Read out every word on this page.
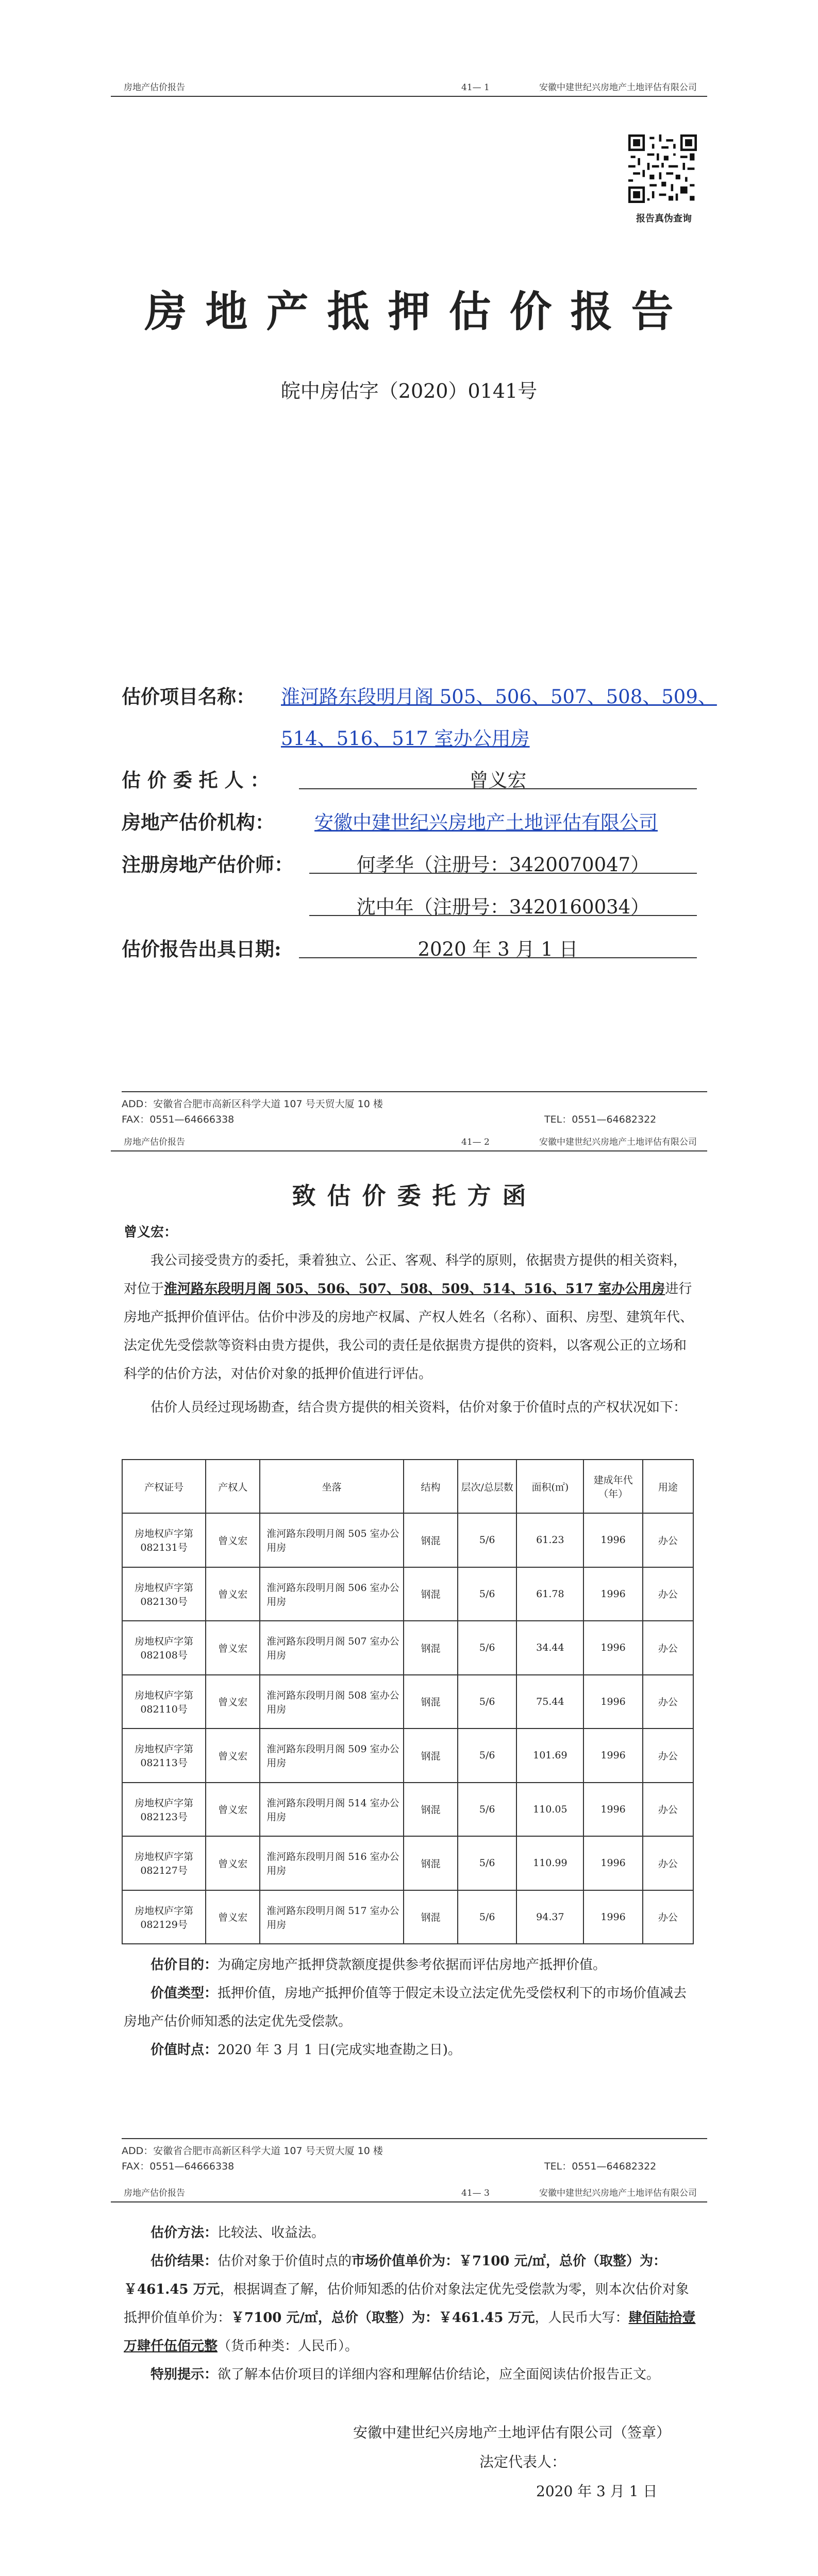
房地产估价报告	41— 1	安徽中建世纪兴房地产土地评估有限公司
报告真伪查询
房地产抵押估价报告
皖中房估字（2020）0141号
估价项目名称： 淮河路东段明月阁 505、506、507、508、509、
514、516、517 室办公用房
估 价 委 托 人 ：	曾义宏
房地产估价机构： 安徽中建世纪兴房地产土地评估有限公司
注册房地产估价师：	何孝华（注册号：3420070047）
沈中年（注册号：3420160034）
估价报告出具日期:	2020 年 3 月 1 日
ADD：安徽省合肥市高新区科学大道 107 号天贸大厦 10 楼
FAX：0551—64666338	TEL：0551—64682322
房地产估价报告	41— 2	安徽中建世纪兴房地产土地评估有限公司
致估价委托方函
曾义宏：
我公司接受贵方的委托，秉着独立、公正、客观、科学的原则，依据贵方提供的相关资料，对位于淮河路东段明月阁 505、506、507、508、509、514、516、517 室办公用房进行房地产抵押价值评估。估价中涉及的房地产权属、产权人姓名（名称）、面积、房型、建筑年代、法定优先受偿款等资料由贵方提供，我公司的责任是依据贵方提供的资料，以客观公正的立场和科学的估价方法，对估价对象的抵押价值进行评估。
估价人员经过现场勘查，结合贵方提供的相关资料，估价对象于价值时点的产权状况如下：
产权证号	产权人	坐落	结构	层次/总层数	面积(㎡)	建成年代（年）	用途
房地权庐字第082131号	曾义宏	淮河路东段明月阁 505 室办公用房	钢混	5/6	61.23	1996	办公
房地权庐字第082130号	曾义宏	淮河路东段明月阁 506 室办公用房	钢混	5/6	61.78	1996	办公
房地权庐字第082108号	曾义宏	淮河路东段明月阁 507 室办公用房	钢混	5/6	34.44	1996	办公
房地权庐字第082110号	曾义宏	淮河路东段明月阁 508 室办公用房	钢混	5/6	75.44	1996	办公
房地权庐字第082113号	曾义宏	淮河路东段明月阁 509 室办公用房	钢混	5/6	101.69	1996	办公
房地权庐字第082123号	曾义宏	淮河路东段明月阁 514 室办公用房	钢混	5/6	110.05	1996	办公
房地权庐字第082127号	曾义宏	淮河路东段明月阁 516 室办公用房	钢混	5/6	110.99	1996	办公
房地权庐字第082129号	曾义宏	淮河路东段明月阁 517 室办公用房	钢混	5/6	94.37	1996	办公
估价目的：为确定房地产抵押贷款额度提供参考依据而评估房地产抵押价值。
价值类型：抵押价值，房地产抵押价值等于假定未设立法定优先受偿权利下的市场价值减去房地产估价师知悉的法定优先受偿款。
价值时点：2020 年 3 月 1 日(完成实地查勘之日)。
ADD：安徽省合肥市高新区科学大道 107 号天贸大厦 10 楼
FAX：0551—64666338	TEL：0551—64682322
房地产估价报告	41— 3	安徽中建世纪兴房地产土地评估有限公司
估价方法：比较法、收益法。
估价结果：估价对象于价值时点的市场价值单价为：￥7100 元/㎡，总价（取整）为：￥461.45 万元，根据调查了解，估价师知悉的估价对象法定优先受偿款为零，则本次估价对象抵押价值单价为：￥7100 元/㎡，总价（取整）为：￥461.45 万元，人民币大写：肆佰陆拾壹万肆仟伍佰元整（货币种类：人民币）。
特别提示：欲了解本估价项目的详细内容和理解估价结论，应全面阅读估价报告正文。
安徽中建世纪兴房地产土地评估有限公司（签章）
法定代表人：
2020 年 3 月 1 日
